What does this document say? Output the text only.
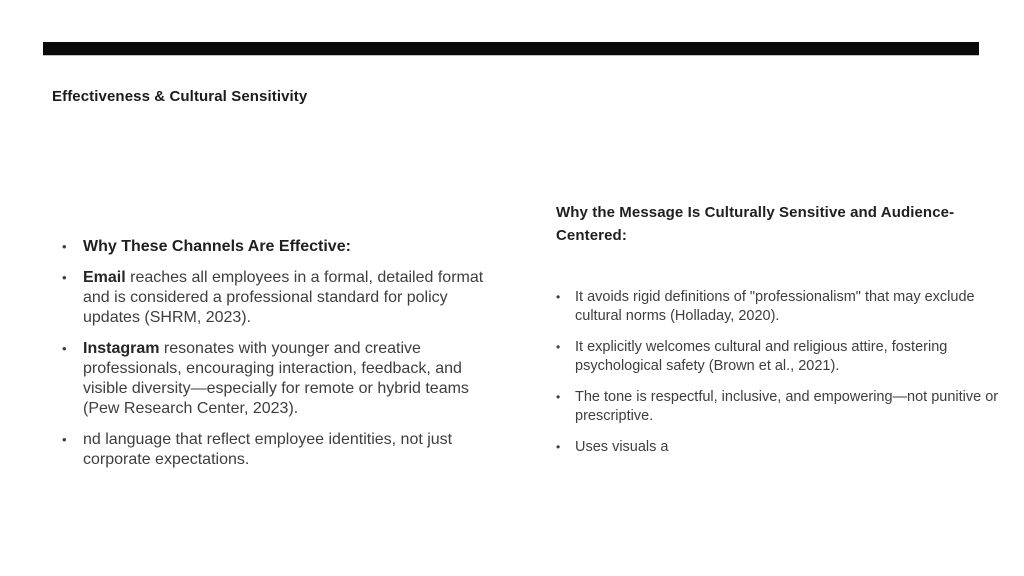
Effectiveness & Cultural Sensitivity
•	Why These Channels Are Effective:
•	Email reaches all employees in a formal, detailed format and is considered a professional standard for policy updates (SHRM, 2023).
•	Instagram resonates with younger and creative professionals, encouraging interaction, feedback, and visible diversity—especially for remote or hybrid teams (Pew Research Center, 2023).
•	nd language that reflect employee identities, not just corporate expectations.
Why the Message Is Culturally Sensitive and Audience-Centered:
•	It avoids rigid definitions of "professionalism" that may exclude cultural norms (Holladay, 2020).
•	It explicitly welcomes cultural and religious attire, fostering psychological safety (Brown et al., 2021).
•	The tone is respectful, inclusive, and empowering—not punitive or prescriptive.
•	Uses visuals a
